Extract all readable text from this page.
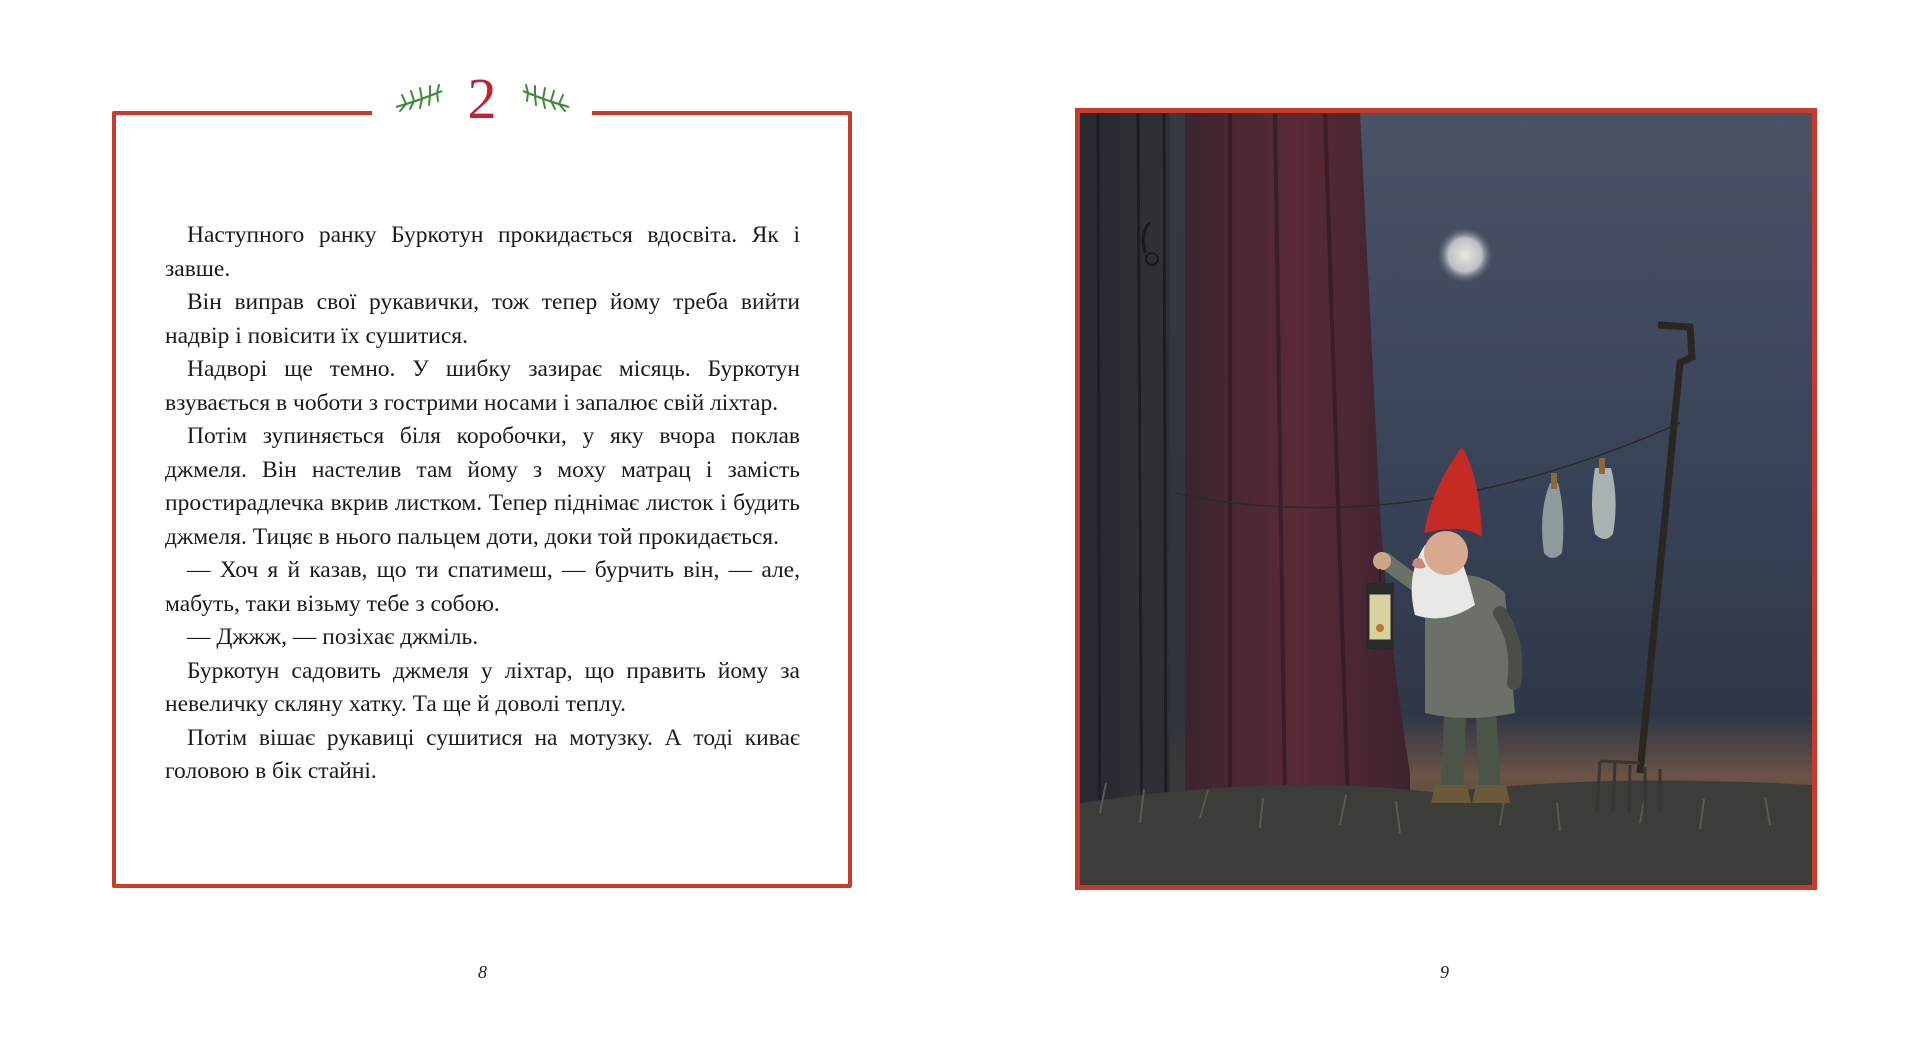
2

Наступного ранку Буркотун прокидається вдосвіта. Як і завше.

Він виправ свої рукавички, тож тепер йому треба вийти надвір і повісити їх сушитися.

Надворі ще темно. У шибку зазирає місяць. Буркотун взувається в чоботи з гострими носами і запалює свій ліхтар.

Потім зупиняється біля коробочки, у яку вчора поклав джмеля. Він настелив там йому з моху матрац і замість простирадлечка вкрив листком. Тепер піднімає листок і будить джмеля. Тицяє в нього пальцем доти, доки той прокидається.

— Хоч я й казав, що ти спатимеш, — бурчить він, — але, мабуть, таки візьму тебе з собою.

— Джжж, — позіхає джміль.

Буркотун садовить джмеля у ліхтар, що править йому за невеличку скляну хатку. Та ще й доволі теплу.

Потім вішає рукавиці сушитися на мотузку. А тоді киває головою в бік стайні.

8	9
